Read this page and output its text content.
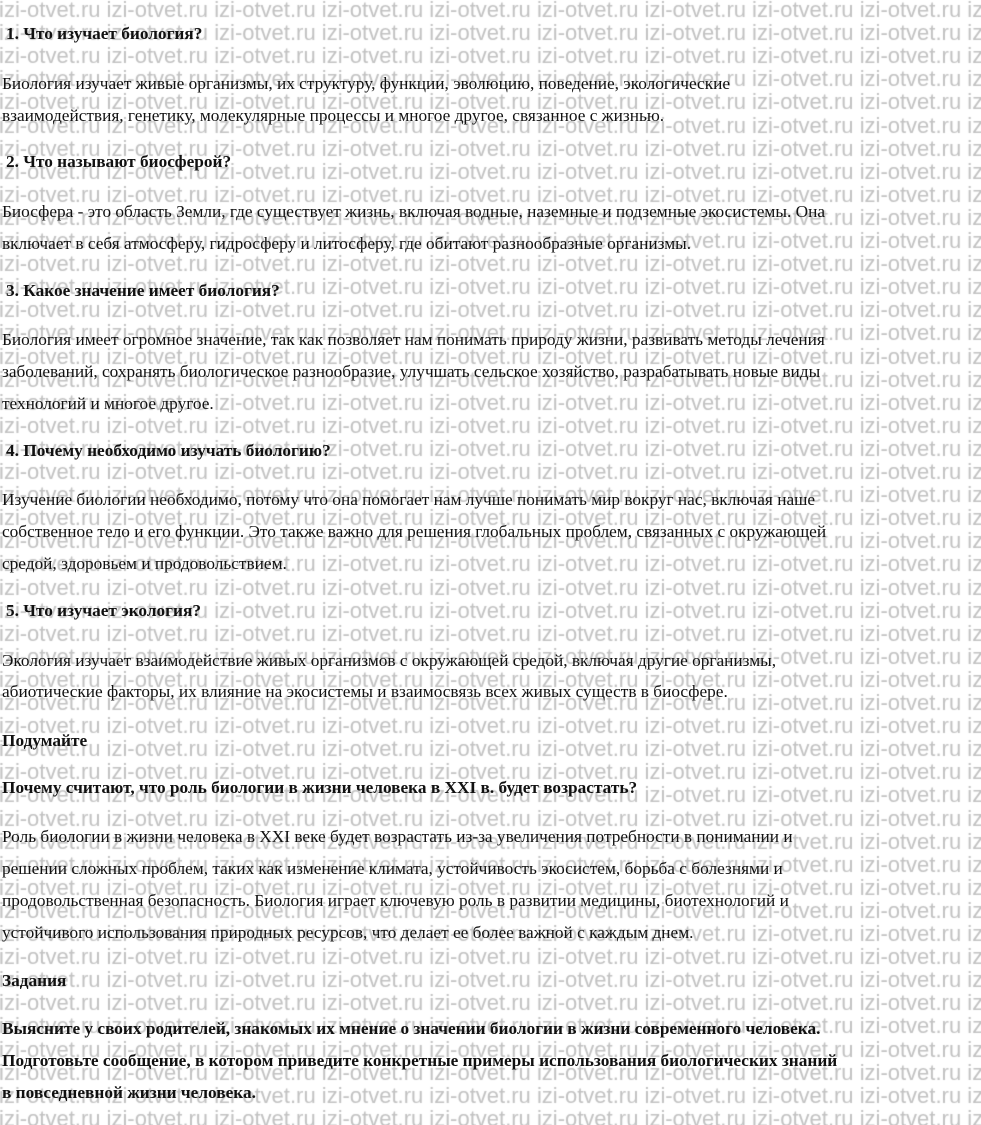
1. Что изучает биология?
Биология изучает живые организмы, их структуру, функции, эволюцию, поведение, экологические
взаимодействия, генетику, молекулярные процессы и многое другое, связанное с жизнью.
2. Что называют биосферой?
Биосфера - это область Земли, где существует жизнь, включая водные, наземные и подземные экосистемы. Она
включает в себя атмосферу, гидросферу и литосферу, где обитают разнообразные организмы.
3. Какое значение имеет биология?
Биология имеет огромное значение, так как позволяет нам понимать природу жизни, развивать методы лечения
заболеваний, сохранять биологическое разнообразие, улучшать сельское хозяйство, разрабатывать новые виды
технологий и многое другое.
4. Почему необходимо изучать биологию?
Изучение биологии необходимо, потому что она помогает нам лучше понимать мир вокруг нас, включая наше
собственное тело и его функции. Это также важно для решения глобальных проблем, связанных с окружающей
средой, здоровьем и продовольствием.
5. Что изучает экология?
Экология изучает взаимодействие живых организмов с окружающей средой, включая другие организмы,
абиотические факторы, их влияние на экосистемы и взаимосвязь всех живых существ в биосфере.
Подумайте
Почему считают, что роль биологии в жизни человека в XXI в. будет возрастать?
Роль биологии в жизни человека в XXI веке будет возрастать из-за увеличения потребности в понимании и
решении сложных проблем, таких как изменение климата, устойчивость экосистем, борьба с болезнями и
продовольственная безопасность. Биология играет ключевую роль в развитии медицины, биотехнологий и
устойчивого использования природных ресурсов, что делает ее более важной с каждым днем.
Задания
Выясните у своих родителей, знакомых их мнение о значении биологии в жизни современного человека.
Подготовьте сообщение, в котором приведите конкретные примеры использования биологических знаний
в повседневной жизни человека.
